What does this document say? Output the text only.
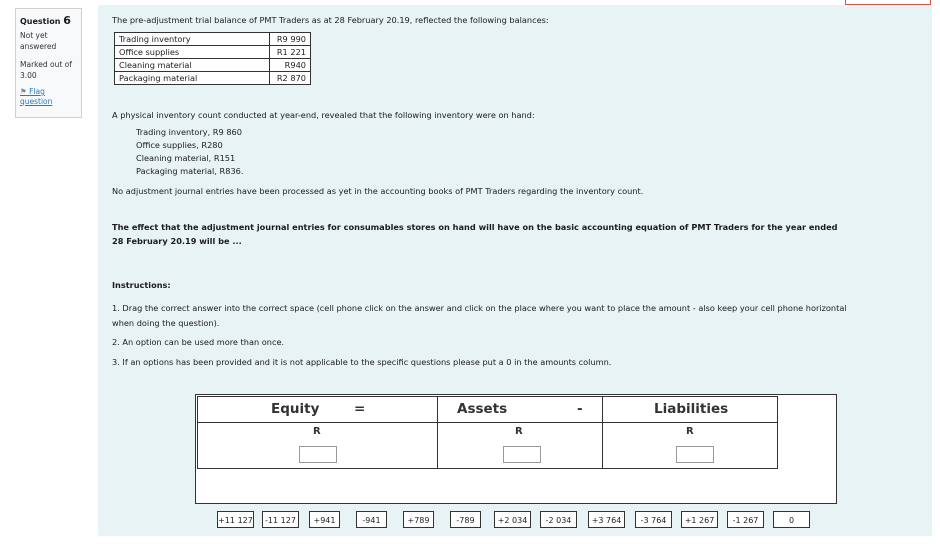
Question 6
Not yet
answered
Marked out of
3.00
⚑ Flag
question
The pre-adjustment trial balance of PMT Traders as at 28 February 20.19, reflected the following balances:
Trading inventory	R9 990
Office supplies	R1 221
Cleaning material	R940
Packaging material	R2 870
A physical inventory count conducted at year-end, revealed that the following inventory were on hand:
Trading inventory, R9 860
Office supplies, R280
Cleaning material, R151
Packaging material, R836.
No adjustment journal entries have been processed as yet in the accounting books of PMT Traders regarding the inventory count.
The effect that the adjustment journal entries for consumables stores on hand will have on the basic accounting equation of PMT Traders for the year ended
28 February 20.19 will be ...
Instructions:
1. Drag the correct answer into the correct space (cell phone click on the answer and click on the place where you want to place the amount - also keep your cell phone horizontal
when doing the question).
2. An option can be used more than once.
3. If an options has been provided and it is not applicable to the specific questions please put a 0 in the amounts column.
Equity	=	Assets	-	Liabilities
R	R	R
+11 127	-11 127	+941	-941	+789	-789	+2 034	-2 034	+3 764	-3 764	+1 267	-1 267	0
